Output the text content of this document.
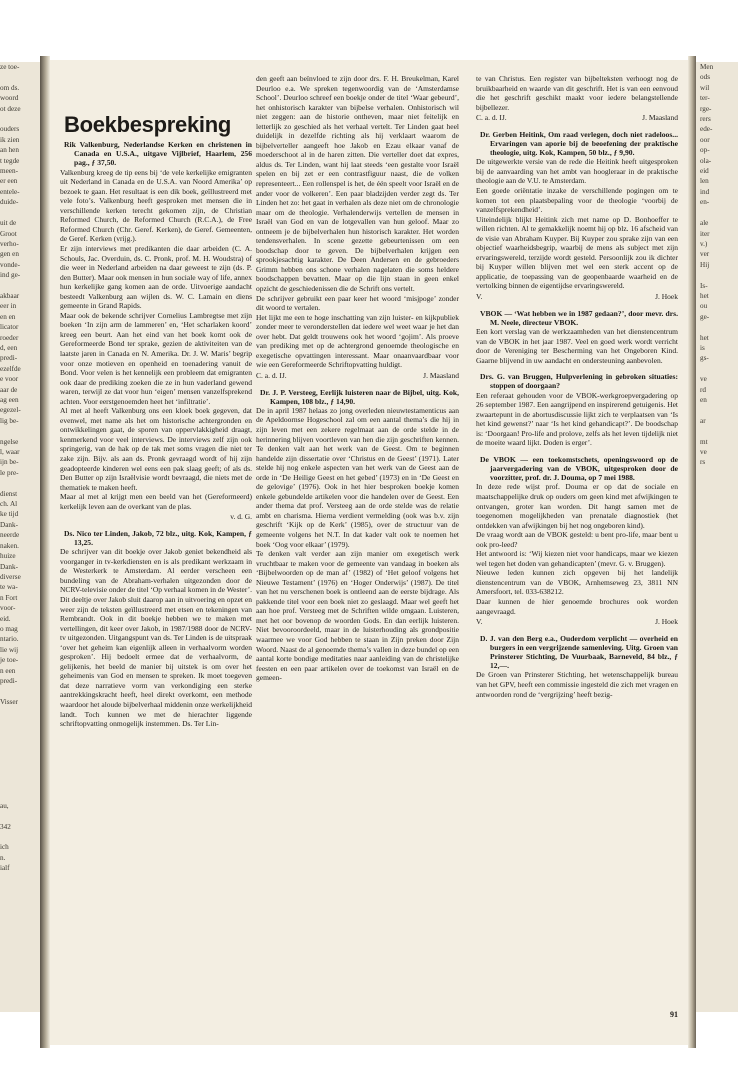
ze toe-

om ds.
woord
ot deze

ouders
ik zien
an hen
t tegde
meen-
er een
entele-
duide-

uit de
Groot
verho-
gen en
vonde-
ind ge-

akbaar
eer in
en en
licator
roeder
d, een
predi-
ezelfde
e voor
aar de
ag een
egezel-
lig be-

ngelse
l, waar
ijn be-
le pre-

dienst
ch. Al
ke tijd
Dank-
neerde
naken.
huize
Dank-
diverse
te wa-
n Fort
voor-
eid.
o mag
ntario.
lie wij
je toe-
n een
predi-

Visser

au,

342

ich
n.
ialf
Men
ods
wil
ter-
rge-
rers
ede-
oor
op-
ola-
eid
len
ind
en-

ale
iter
v.)
ver
Hij

Is-
het
ou
ge-

het
is
gs-

ve
rd
en

ar

mt
ve
rs

Boekbespreking

Rik Valkenburg, Nederlandse Kerken en christenen in Canada en U.S.A., uitgave Vijlbrief, Haarlem, 256 pag., ƒ 37,50.

Valkenburg kreeg de tip eens bij ‘de vele kerkelijke emigranten uit Nederland in Canada en de U.S.A. van Noord Amerika’ op bezoek te gaan. Het resultaat is een dik boek, geïllustreerd met vele foto’s. Valkenburg heeft gesproken met mensen die in verschillende kerken terecht gekomen zijn, de Christian Reformed Church, de Reformed Church (R.C.A.), de Free Reformed Church (Chr. Geref. Kerken), de Geref. Gemeenten, de Geref. Kerken (vrijg.).

Er zijn interviews met predikanten die daar arbeiden (C. A. Schouls, Jac. Overduin, ds. C. Pronk, prof. M. H. Woudstra) of die weer in Nederland arbeiden na daar geweest te zijn (ds. P. den Butter). Maar ook mensen in hun sociale way of life, annex hun kerkelijke gang komen aan de orde. Uitvoerige aandacht besteedt Valkenburg aan wijlen ds. W. C. Lamain en diens gemeente in Grand Rapids.

Maar ook de bekende schrijver Cornelius Lambregtse met zijn boeken ‘In zijn arm de lammeren’ en, ‘Het scharlaken koord’ kreeg een beurt. Aan het eind van het boek komt ook de Gereformeerde Bond ter sprake, gezien de aktiviteiten van de laatste jaren in Canada en N. Amerika. Dr. J. W. Maris’ begrip voor onze motieven en openheid en toenadering vanuit de Bond. Voor velen is het kennelijk een probleem dat emigranten ook daar de prediking zoeken die ze in hun vaderland gewend waren, terwijl ze dat voor hun ‘eigen’ mensen vanzelfsprekend achten. Voor eerstgenoemden heet het ‘infiltratie’.

Al met al heeft Valkenburg ons een kloek boek gegeven, dat evenwel, met name als het om historische achtergronden en ontwikkelingen gaat, de sporen van oppervlakkigheid draagt, kenmerkend voor veel interviews. De interviews zelf zijn ook springerig, van de hak op de tak met soms vragen die niet ter zake zijn. Bijv. als aan ds. Pronk gevraagd wordt of hij zijn geadopteerde kinderen wel eens een pak slaag geeft; of als ds. Den Butter op zijn Israëlvisie wordt bevraagd, die niets met de thematiek te maken heeft.

Maar al met al krijgt men een beeld van het (Gereformeerd) kerkelijk leven aan de overkant van de plas.

v. d. G.

Ds. Nico ter Linden, Jakob, 72 blz., uitg. Kok, Kampen, ƒ 13,25.

De schrijver van dit boekje over Jakob geniet bekendheid als voorganger in tv-kerkdiensten en is als predikant werkzaam in de Westerkerk te Amsterdam. Al eerder verscheen een bundeling van de Abraham-verhalen uitgezonden door de NCRV-televisie onder de titel ‘Op verhaal komen in de Wester’. Dit deeltje over Jakob sluit daarop aan in uitvoering en opzet en weer zijn de teksten geïllustreerd met etsen en tekeningen van Rembrandt. Ook in dit boekje hebben we te maken met vertellingen, dit keer over Jakob, in 1987/1988 door de NCRV-tv uitgezonden. Uitgangspunt van ds. Ter Linden is de uitspraak ‘over het geheim kan eigenlijk alleen in verhaalvorm worden gesproken’. Hij bedoelt ermee dat de verhaalvorm, de gelijkenis, het beeld de manier bij uitstek is om over het geheimenis van God en mensen te spreken. Ik moet toegeven dat deze narratieve vorm van verkondiging een sterke aantrekkingskracht heeft, heel direkt overkomt, een methode waardoor het aloude bijbelverhaal middenin onze werkelijkheid landt. Toch kunnen we met de hierachter liggende schriftopvatting onmogelijk instemmen. Ds. Ter Lin-

den geeft aan beïnvloed te zijn door drs. F. H. Breukelman, Karel Deurloo e.a. We spreken tegenwoordig van de ‘Amsterdamse School’. Deurloo schreef een boekje onder de titel ‘Waar gebeurd’, het onhistorisch karakter van bijbelse verhalen. Onhistorisch wil niet zeggen: aan de historie ontheven, maar niet feitelijk en letterlijk zo geschied als het verhaal vertelt. Ter Linden gaat heel duidelijk in dezelfde richting als hij verklaart waarom de bijbelverteller aangeeft hoe Jakob en Ezau elkaar vanaf de moederschoot al in de haren zitten. Die verteller doet dat expres, aldus ds. Ter Linden, want hij laat steeds ‘een gestalte voor Israël spelen en bij zet er een contrastfiguur naast, die de volken representeert... Een rollenspel is het, de één speelt voor Israël en de ander voor de volkeren’. Een paar bladzijden verder zegt ds. Ter Linden het zo: het gaat in verhalen als deze niet om de chronologie maar om de theologie. Verhalenderwijs vertellen de mensen in Israël van God en van de lotgevallen van hun geloof. Maar zo ontneem je de bijbelverhalen hun historisch karakter. Het worden tendensverhalen. In scene gezette gebeurtenissen om een boodschap door te geven. De bijbelverhalen krijgen een sprookjesachtig karakter. De Deen Andersen en de gebroeders Grimm hebben ons schone verhalen nagelaten die soms heldere boodschappen bevatten. Maar op die lijn staan in geen enkel opzicht de geschiedenissen die de Schrift ons vertelt.

De schrijver gebruikt een paar keer het woord ‘misjpoge’ zonder dit woord te vertalen.

Het lijkt me een te hoge inschatting van zijn luister- en kijkpubliek zonder meer te veronderstellen dat iedere wel weet waar je het dan over hebt. Dat geldt trouwens ook het woord ‘gojim’. Als proeve van prediking met op de achtergrond genoemde theologische en exegetische opvattingen interessant. Maar onaanvaardbaar voor wie een Gereformeerde Schriftopvatting huldigt.

C. a. d. IJ.	J. Maasland

Dr. J. P. Versteeg, Eerlijk luisteren naar de Bijbel, uitg. Kok, Kampen, 108 blz., ƒ 14,90.

De in april 1987 helaas zo jong overleden nieuwtestamenticus aan de Apeldoornse Hogeschool zal om een aantal thema’s die hij in zijn leven met een zekere regelmaat aan de orde stelde in de herinnering blijven voortleven van hen die zijn geschriften kennen. Te denken valt aan het werk van de Geest. Om te beginnen handelde zijn dissertatie over ‘Christus en de Geest’ (1971). Later stelde hij nog enkele aspecten van het werk van de Geest aan de orde in ‘De Heilige Geest en het gebed’ (1973) en in ‘De Geest en de gelovige’ (1976). Ook in het hier besproken boekje komen enkele gebundelde artikelen voor die handelen over de Geest. Een ander thema dat prof. Versteeg aan de orde stelde was de relatie ambt en charisma. Hierna verdient vermelding (ook was b.v. zijn geschrift ‘Kijk op de Kerk’ (1985), over de structuur van de gemeente volgens het N.T. In dat kader valt ook te noemen het boek ‘Oog voor elkaar’ (1979).

Te denken valt verder aan zijn manier om exegetisch werk vruchtbaar te maken voor de gemeente van vandaag in boeken als ‘Bijbelwoorden op de man af’ (1982) of ‘Het geloof volgens het Nieuwe Testament’ (1976) en ‘Hoger Onderwijs’ (1987). De titel van het nu verschenen boek is ontleend aan de eerste bijdrage. Als pakkende titel voor een boek niet zo geslaagd. Maar wel geeft het aan hoe prof. Versteeg met de Schriften wilde omgaan. Luisteren, met het oor bovenop de woorden Gods. En dan eerlijk luisteren. Niet bevooroordeeld, maar in de luisterhouding als grondpositie waarmee we voor God hebben te staan in Zijn preken door Zijn Woord. Naast de al genoemde thema’s vallen in deze bundel op een aantal korte bondige meditaties naar aanleiding van de christelijke feesten en een paar artikelen over de toekomst van Israël en de gemeen-

te van Christus. Een register van bijbelteksten verhoogt nog de bruikbaarheid en waarde van dit geschrift. Het is van een eenvoud die het geschrift geschikt maakt voor iedere belangstellende bijbellezer.

C. a. d. IJ.	J. Maasland

Dr. Gerben Heitink, Om raad verlegen, doch niet radeloos... Ervaringen van aporie bij de beoefening der praktische theologie, uitg. Kok, Kampen, 50 blz., ƒ 9,90.

De uitgewerkte versie van de rede die Heitink heeft uitgesproken bij de aanvaarding van het ambt van hoogleraar in de praktische theologie aan de V.U. te Amsterdam.

Een goede oriëntatie inzake de verschillende pogingen om te komen tot een plaatsbepaling voor de theologie ‘voorbij de vanzelfsprekendheid’.

Uiteindelijk blijkt Heitink zich met name op D. Bonhoeffer te willen richten. Al te gemakkelijk noemt hij op blz. 16 afscheid van de visie van Abraham Kuyper. Bij Kuyper zou sprake zijn van een objectief waarheidsbegrip, waarbij de mens als subject met zijn ervaringswereld, terzijde wordt gesteld. Persoonlijk zou ik dichter bij Kuyper willen blijven met wel een sterk accent op de applicatie, de toepassing van de geopenbaarde waarheid en de vertolking binnen de eigentijdse ervaringswereld.

V.	J. Hoek

VBOK — ‘Wat hebben we in 1987 gedaan?’, door mevr. drs. M. Neele, directeur VBOK.

Een kort verslag van de werkzaamheden van het dienstencentrum van de VBOK in het jaar 1987. Veel en goed werk wordt verricht door de Vereniging ter Bescherming van het Ongeboren Kind. Gaarne blijvend in uw aandacht en ondersteuning aanbevolen.

Drs. G. van Bruggen, Hulpverlening in gebroken situaties: stoppen of doorgaan?

Een referaat gehouden voor de VBOK-werkgroepvergadering op 26 september 1987. Een aangrijpend en inspirerend getuigenis. Het zwaartepunt in de abortusdiscussie lijkt zich te verplaatsen van ‘Is het kind gewenst?’ naar ‘Is het kind gehandicapt?’. De boodschap is: ‘Doorgaan! Pro-life and prolove, zelfs als het leven tijdelijk niet de moeite waard lijkt. Doden is erger’.

De VBOK — een toekomstschets, openingswoord op de jaarvergadering van de VBOK, uitgesproken door de voorzitter, prof. dr. J. Douma, op 7 mei 1988.

In deze rede wijst prof. Douma er op dat de sociale en maatschappelijke druk op ouders om geen kind met afwijkingen te ontvangen, groter kan worden. Dit hangt samen met de toegenomen mogelijkheden van prenatale diagnostiek (het ontdekken van afwijkingen bij het nog ongeboren kind).

De vraag wordt aan de VBOK gesteld: u bent pro-life, maar bent u ook pro-leed?

Het antwoord is: ‘Wij kiezen niet voor handicaps, maar we kiezen wel tegen het doden van gehandicapten’ (mevr. G. v. Bruggen).

Nieuwe leden kunnen zich opgeven bij het landelijk dienstencentrum van de VBOK, Arnhemseweg 23, 3811 NN Amersfoort, tel. 033-638212.

Daar kunnen de hier genoemde brochures ook worden aangevraagd.

V.	J. Hoek

D. J. van den Berg e.a., Ouderdom verplicht — overheid en burgers in een vergrijzende samenleving. Uitg. Groen van Prinsterer Stichting, De Vuurbaak, Barneveld, 84 blz., ƒ 12,—.

De Groen van Prinsterer Stichting, het wetenschappelijk bureau van het GPV, heeft een commissie ingesteld die zich met vragen en antwoorden rond de ‘vergrijzing’ heeft bezig-

91
